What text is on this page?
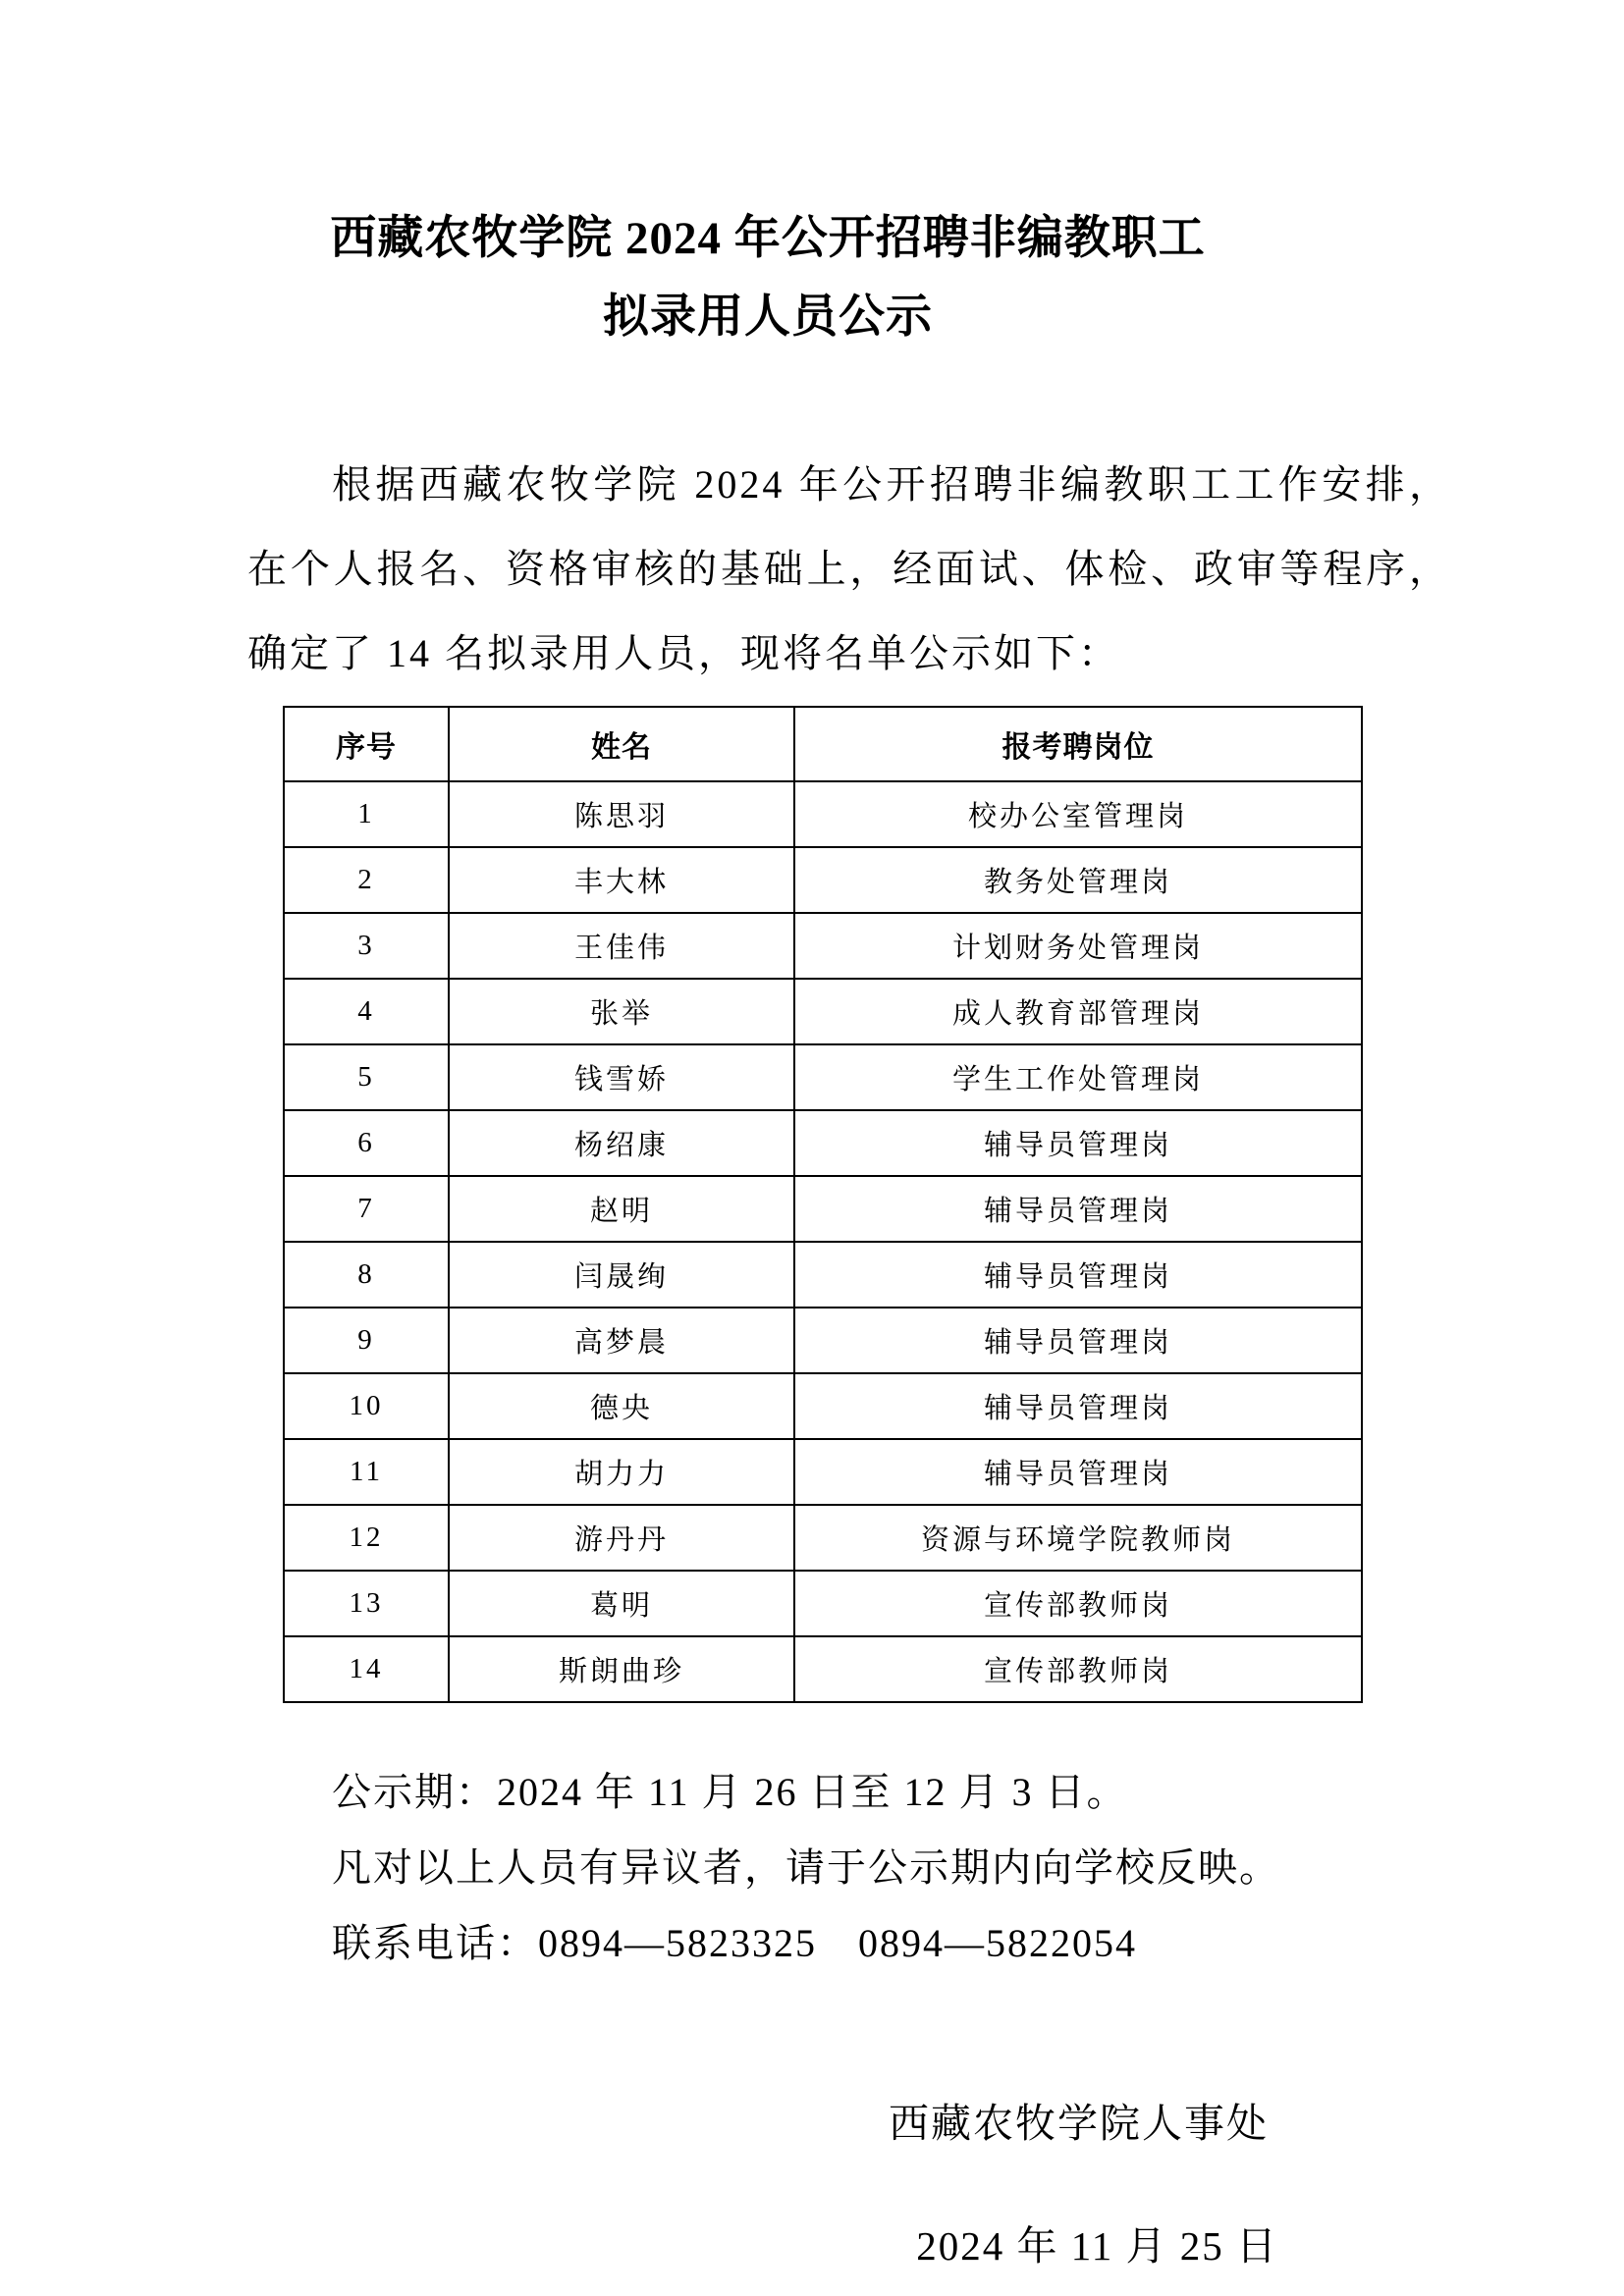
西藏农牧学院 2024 年公开招聘非编教职工
拟录用人员公示

根据西藏农牧学院 2024 年公开招聘非编教职工工作安排，在个人报名、资格审核的基础上，经面试、体检、政审等程序，确定了 14 名拟录用人员，现将名单公示如下：

序号	姓名	报考聘岗位
1	陈思羽	校办公室管理岗
2	丰大林	教务处管理岗
3	王佳伟	计划财务处管理岗
4	张举	成人教育部管理岗
5	钱雪娇	学生工作处管理岗
6	杨绍康	辅导员管理岗
7	赵明	辅导员管理岗
8	闫晟绚	辅导员管理岗
9	高梦晨	辅导员管理岗
10	德央	辅导员管理岗
11	胡力力	辅导员管理岗
12	游丹丹	资源与环境学院教师岗
13	葛明	宣传部教师岗
14	斯朗曲珍	宣传部教师岗
公示期：2024 年 11 月 26 日至 12 月 3 日。
凡对以上人员有异议者，请于公示期内向学校反映。
联系电话：0894—5823325　0894—5822054
西藏农牧学院人事处
2024 年 11 月 25 日
